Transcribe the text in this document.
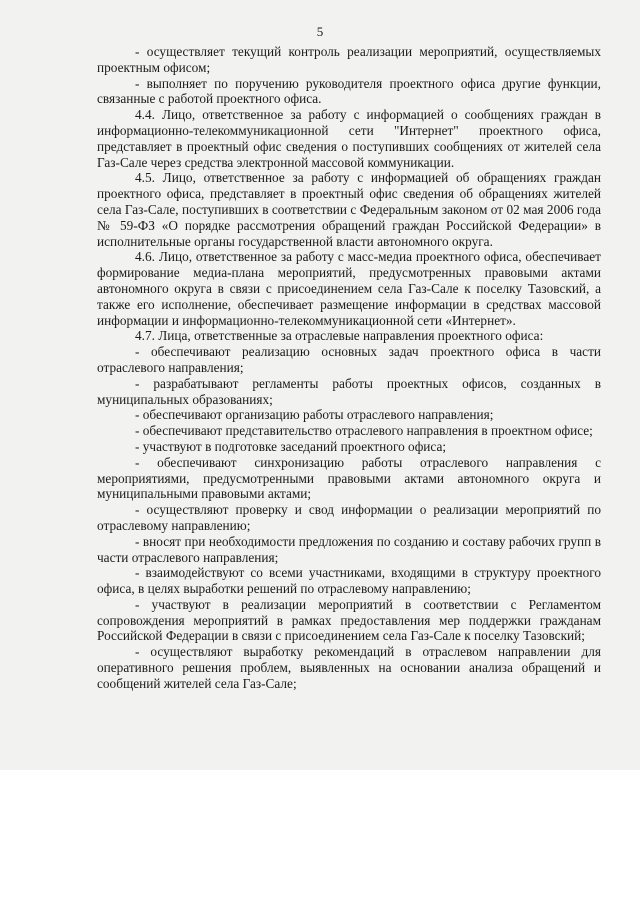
5

- осуществляет текущий контроль реализации мероприятий, осуществляемых проектным офисом;

- выполняет по поручению руководителя проектного офиса другие функции, связанные с работой проектного офиса.

4.4. Лицо, ответственное за работу с информацией о сообщениях граждан в информационно-телекоммуникационной сети "Интернет" проектного офиса, представляет в проектный офис сведения о поступивших сообщениях от жителей села Газ-Сале через средства электронной массовой коммуникации.

4.5. Лицо, ответственное за работу с информацией об обращениях граждан проектного офиса, представляет в проектный офис сведения об обращениях жителей села Газ-Сале, поступивших в соответствии с Федеральным законом от 02 мая 2006 года № 59-ФЗ «О порядке рассмотрения обращений граждан Российской Федерации» в исполнительные органы государственной власти автономного округа.

4.6. Лицо, ответственное за работу с масс-медиа проектного офиса, обеспечивает формирование медиа-плана мероприятий, предусмотренных правовыми актами автономного округа в связи с присоединением села Газ-Сале к поселку Тазовский, а также его исполнение, обеспечивает размещение информации в средствах массовой информации и информационно-телекоммуникационной сети «Интернет».

4.7. Лица, ответственные за отраслевые направления проектного офиса:

- обеспечивают реализацию основных задач проектного офиса в части отраслевого направления;

- разрабатывают регламенты работы проектных офисов, созданных в муниципальных образованиях;

- обеспечивают организацию работы отраслевого направления;

- обеспечивают представительство отраслевого направления в проектном офисе;

- участвуют в подготовке заседаний проектного офиса;

- обеспечивают синхронизацию работы отраслевого направления с мероприятиями, предусмотренными правовыми актами автономного округа и муниципальными правовыми актами;

- осуществляют проверку и свод информации о реализации мероприятий по отраслевому направлению;

- вносят при необходимости предложения по созданию и составу рабочих групп в части отраслевого направления;

- взаимодействуют со всеми участниками, входящими в структуру проектного офиса, в целях выработки решений по отраслевому направлению;

- участвуют в реализации мероприятий в соответствии с Регламентом сопровождения мероприятий в рамках предоставления мер поддержки гражданам Российской Федерации в связи с присоединением села Газ-Сале к поселку Тазовский;

- осуществляют выработку рекомендаций в отраслевом направлении для оперативного решения проблем, выявленных на основании анализа обращений и сообщений жителей села Газ-Сале;
